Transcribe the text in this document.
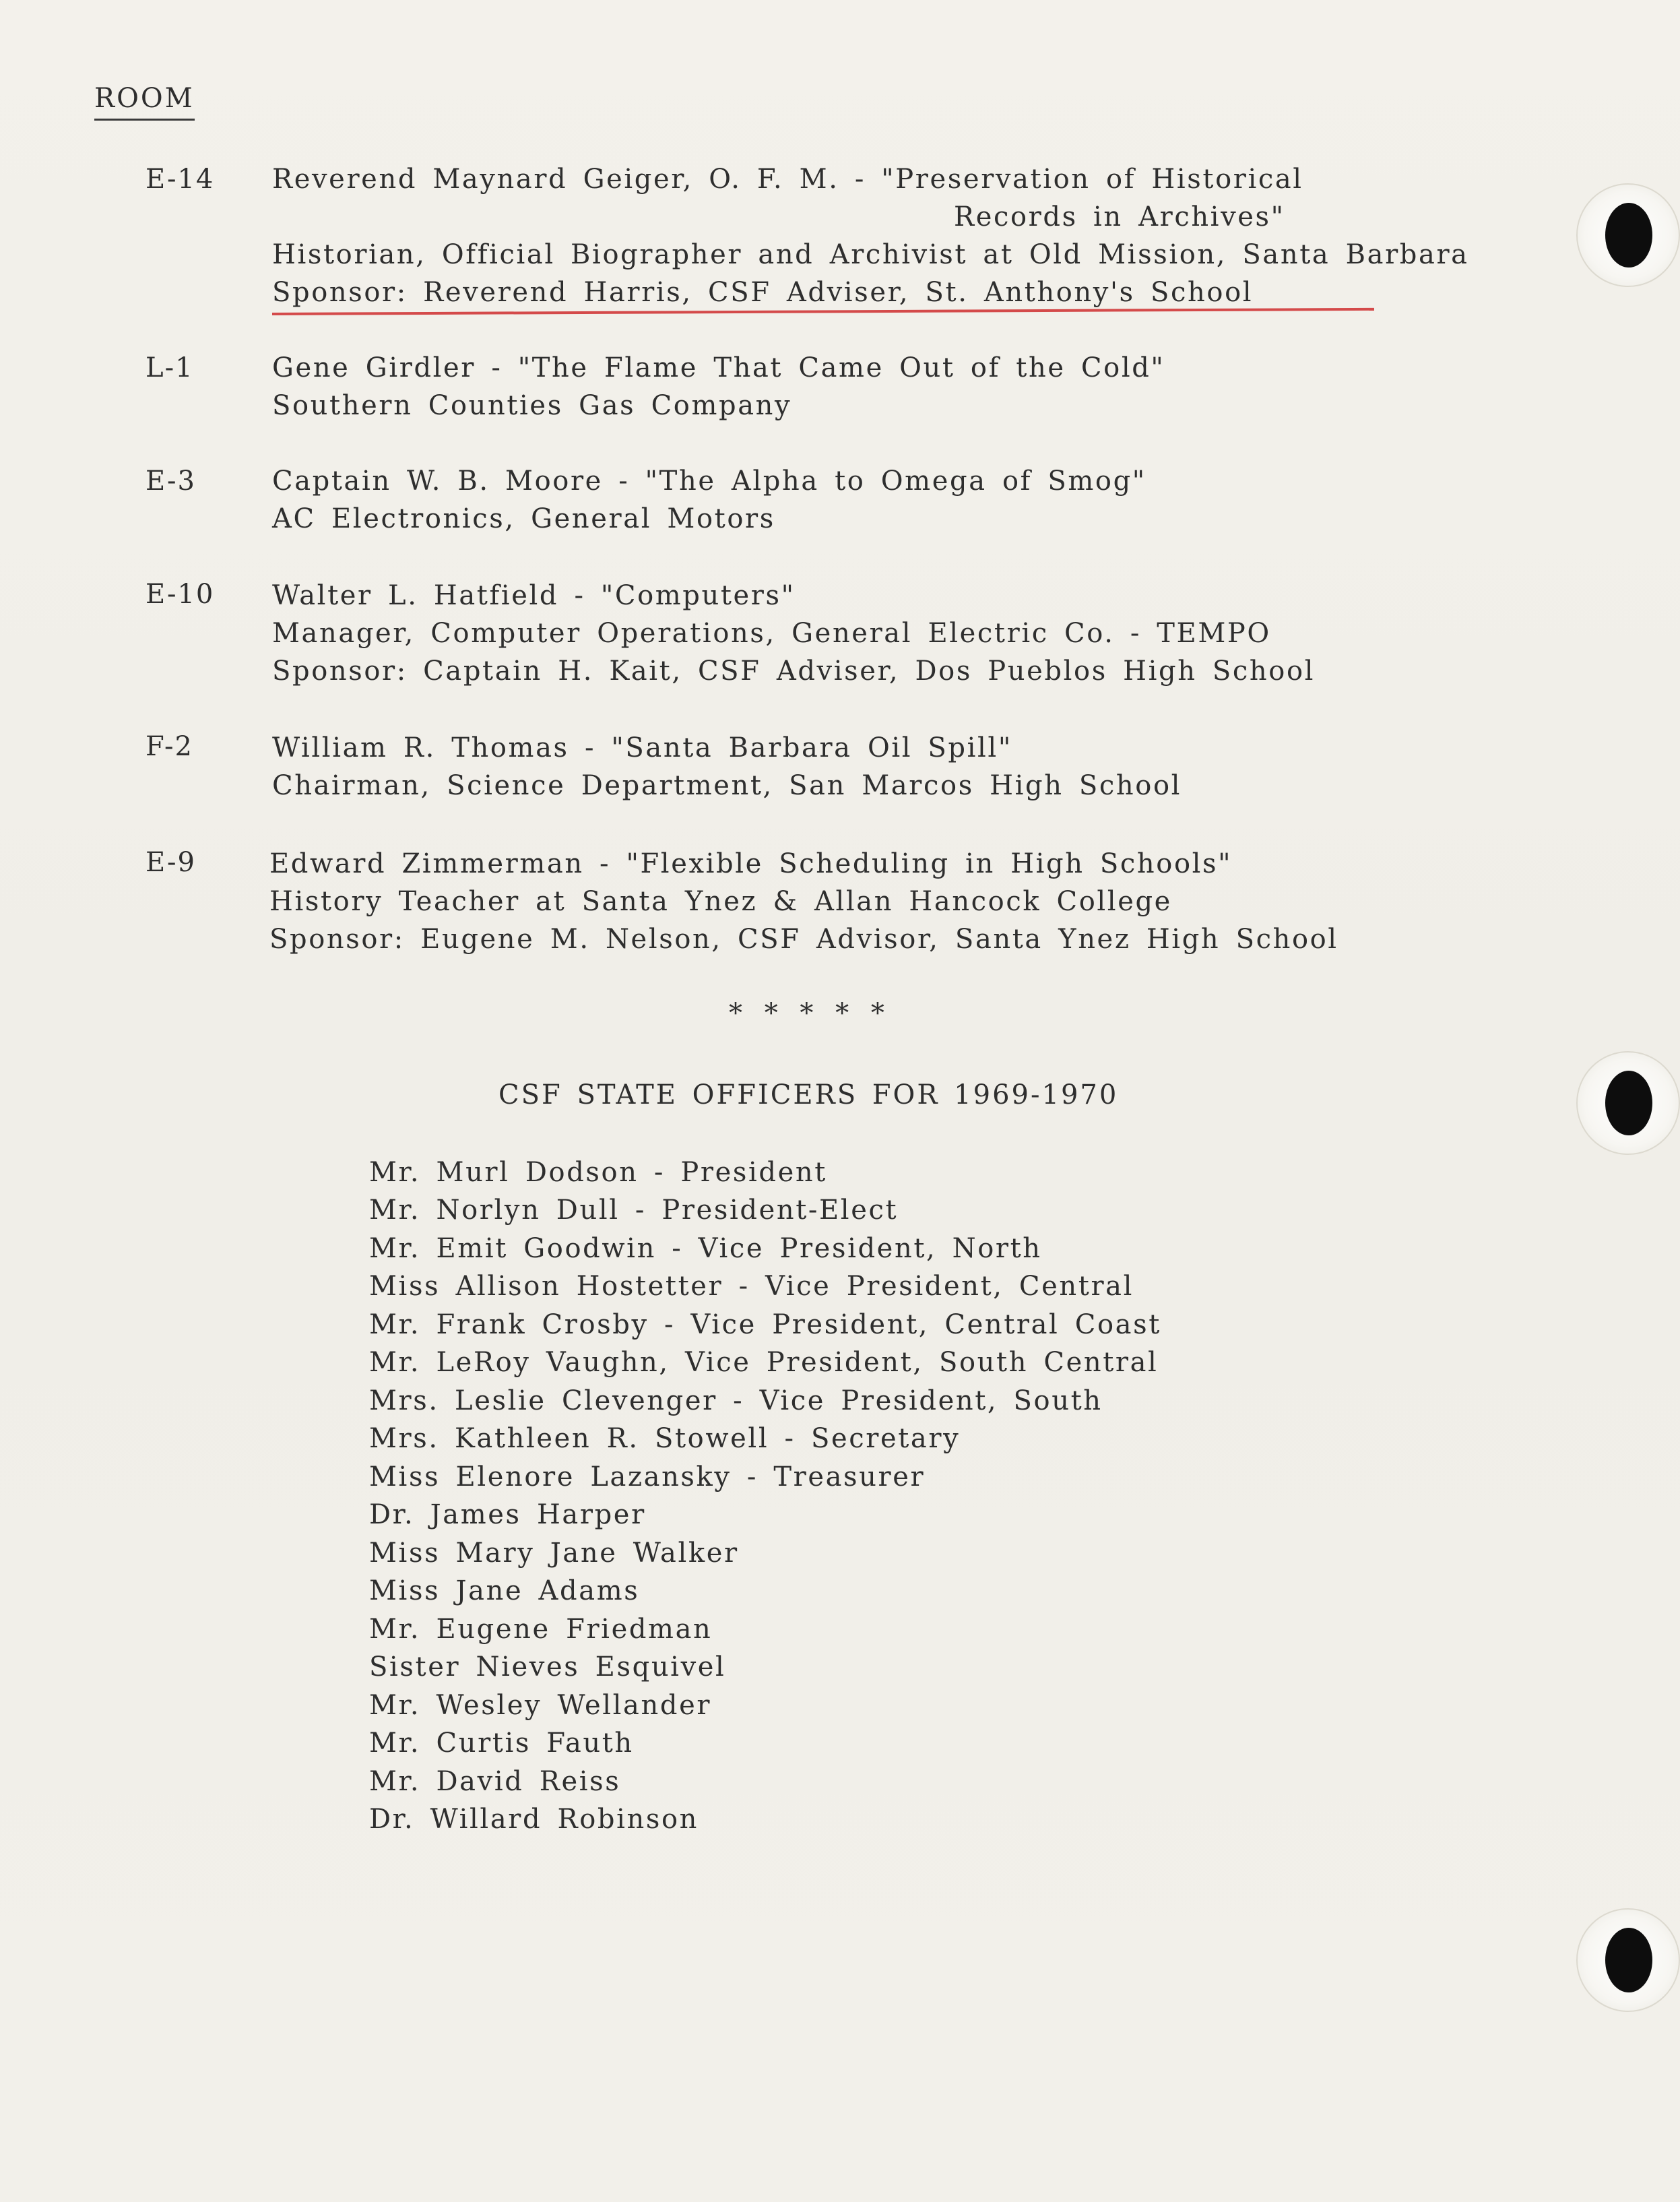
ROOM
E-14 Reverend Maynard Geiger, O. F. M. - "Preservation of Historical
Records in Archives"
Historian, Official Biographer and Archivist at Old Mission, Santa Barbara
Sponsor: Reverend Harris, CSF Adviser, St. Anthony's School
L-1	Gene Girdler - "The Flame That Came Out of the Cold"
Southern Counties Gas Company
E-3	Captain W. B. Moore - "The Alpha to Omega of Smog"
AC Electronics, General Motors
E-10 Walter L. Hatfield - "Computers"
Manager, Computer Operations, General Electric Co. - TEMPO
Sponsor: Captain H. Kait, CSF Adviser, Dos Pueblos High School
F-2	William R. Thomas - "Santa Barbara Oil Spill"
Chairman, Science Department, San Marcos High School
E-9	Edward Zimmerman - "Flexible Scheduling in High Schools"
History Teacher at Santa Ynez & Allan Hancock College
Sponsor: Eugene M. Nelson, CSF Advisor, Santa Ynez High School
* * * * *
CSF STATE OFFICERS FOR 1969-1970
Mr. Murl Dodson - President
Mr. Norlyn Dull - President-Elect
Mr. Emit Goodwin - Vice President, North
Miss Allison Hostetter - Vice President, Central
Mr. Frank Crosby - Vice President, Central Coast
Mr. LeRoy Vaughn, Vice President, South Central
Mrs. Leslie Clevenger - Vice President, South
Mrs. Kathleen R. Stowell - Secretary
Miss Elenore Lazansky - Treasurer
Dr. James Harper
Miss Mary Jane Walker
Miss Jane Adams
Mr. Eugene Friedman
Sister Nieves Esquivel
Mr. Wesley Wellander
Mr. Curtis Fauth
Mr. David Reiss
Dr. Willard Robinson
